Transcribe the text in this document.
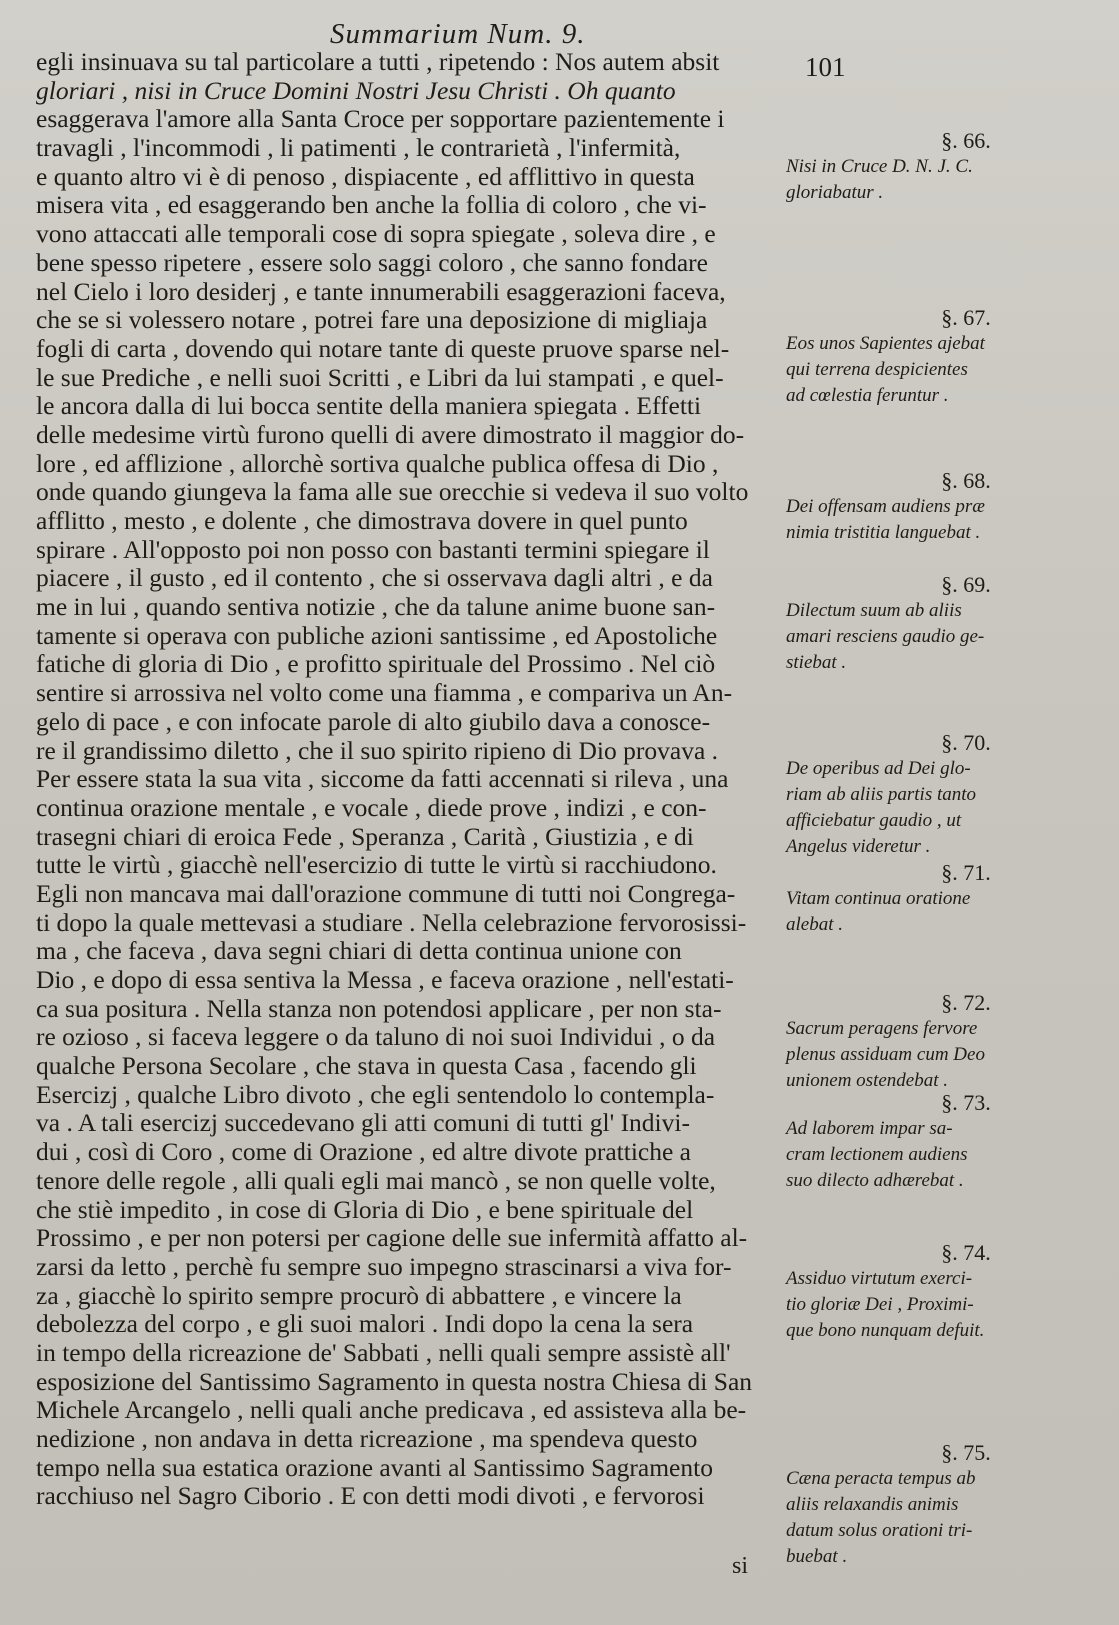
Summarium Num. 9.
101
egli insinuava su tal particolare a tutti , ripetendo : Nos autem absit
gloriari , nisi in Cruce Domini Nostri Jesu Christi . Oh quanto
esaggerava l'amore alla Santa Croce per sopportare pazientemente i
travagli , l'incommodi , li patimenti , le contrarietà , l'infermità,
e quanto altro vi è di penoso , dispiacente , ed afflittivo in questa
misera vita , ed esaggerando ben anche la follia di coloro , che vi-
vono attaccati alle temporali cose di sopra spiegate , soleva dire , e
bene spesso ripetere , essere solo saggi coloro , che sanno fondare
nel Cielo i loro desiderj , e tante innumerabili esaggerazioni faceva,
che se si volessero notare , potrei fare una deposizione di migliaja
fogli di carta , dovendo qui notare tante di queste pruove sparse nel-
le sue Prediche , e nelli suoi Scritti , e Libri da lui stampati , e quel-
le ancora dalla di lui bocca sentite della maniera spiegata . Effetti
delle medesime virtù furono quelli di avere dimostrato il maggior do-
lore , ed afflizione , allorchè sortiva qualche publica offesa di Dio ,
onde quando giungeva la fama alle sue orecchie si vedeva il suo volto
afflitto , mesto , e dolente , che dimostrava dovere in quel punto
spirare . All'opposto poi non posso con bastanti termini spiegare il
piacere , il gusto , ed il contento , che si osservava dagli altri , e da
me in lui , quando sentiva notizie , che da talune anime buone san-
tamente si operava con publiche azioni santissime , ed Apostoliche
fatiche di gloria di Dio , e profitto spirituale del Prossimo . Nel ciò
sentire si arrossiva nel volto come una fiamma , e compariva un An-
gelo di pace , e con infocate parole di alto giubilo dava a conosce-
re il grandissimo diletto , che il suo spirito ripieno di Dio provava .
Per essere stata la sua vita , siccome da fatti accennati si rileva , una
continua orazione mentale , e vocale , diede prove , indizi , e con-
trasegni chiari di eroica Fede , Speranza , Carità , Giustizia , e di
tutte le virtù , giacchè nell'esercizio di tutte le virtù si racchiudono.
Egli non mancava mai dall'orazione commune di tutti noi Congrega-
ti dopo la quale mettevasi a studiare . Nella celebrazione fervorosissi-
ma , che faceva , dava segni chiari di detta continua unione con
Dio , e dopo di essa sentiva la Messa , e faceva orazione , nell'estati-
ca sua positura . Nella stanza non potendosi applicare , per non sta-
re ozioso , si faceva leggere o da taluno di noi suoi Individui , o da
qualche Persona Secolare , che stava in questa Casa , facendo gli
Esercizj , qualche Libro divoto , che egli sentendolo lo contempla-
va . A tali esercizj succedevano gli atti comuni di tutti gl' Indivi-
dui , così di Coro , come di Orazione , ed altre divote prattiche a
tenore delle regole , alli quali egli mai mancò , se non quelle volte,
che stiè impedito , in cose di Gloria di Dio , e bene spirituale del
Prossimo , e per non potersi per cagione delle sue infermità affatto al-
zarsi da letto , perchè fu sempre suo impegno strascinarsi a viva for-
za , giacchè lo spirito sempre procurò di abbattere , e vincere la
debolezza del corpo , e gli suoi malori . Indi dopo la cena la sera
in tempo della ricreazione de' Sabbati , nelli quali sempre assistè all'
esposizione del Santissimo Sagramento in questa nostra Chiesa di San
Michele Arcangelo , nelli quali anche predicava , ed assisteva alla be-
nedizione , non andava in detta ricreazione , ma spendeva questo
tempo nella sua estatica orazione avanti al Santissimo Sagramento
racchiuso nel Sagro Ciborio . E con detti modi divoti , e fervorosi
§. 66.
Nisi in Cruce D. N. J. C.
gloriabatur .
§. 67.
Eos unos Sapientes ajebat
qui terrena despicientes
ad cœlestia feruntur .
§. 68.
Dei offensam audiens præ
nimia tristitia languebat .
§. 69.
Dilectum suum ab aliis
amari resciens gaudio ge-
stiebat .
§. 70.
De operibus ad Dei glo-
riam ab aliis partis tanto
afficiebatur gaudio , ut
Angelus videretur .
§. 71.
Vitam continua oratione
alebat .
§. 72.
Sacrum peragens fervore
plenus assiduam cum Deo
unionem ostendebat .
§. 73.
Ad laborem impar sa-
cram lectionem audiens
suo dilecto adhærebat .
§. 74.
Assiduo virtutum exerci-
tio gloriæ Dei , Proximi-
que bono nunquam defuit.
§. 75.
Cæna peracta tempus ab
aliis relaxandis animis
datum solus orationi tri-
buebat .
si
